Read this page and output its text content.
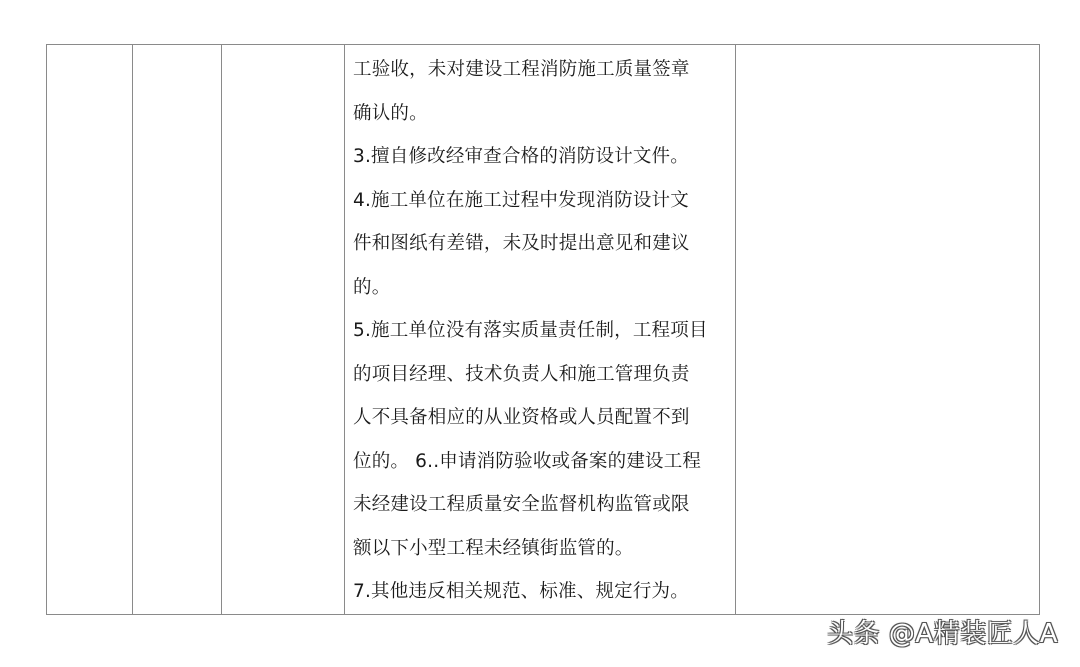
工验收，未对建设工程消防施工质量签章
确认的。
3.擅自修改经审查合格的消防设计文件。
4.施工单位在施工过程中发现消防设计文
件和图纸有差错，未及时提出意见和建议
的。
5.施工单位没有落实质量责任制，工程项目
的项目经理、技术负责人和施工管理负责
人不具备相应的从业资格或人员配置不到
位的。 6..申请消防验收或备案的建设工程
未经建设工程质量安全监督机构监管或限
额以下小型工程未经镇街监管的。
7.其他违反相关规范、标准、规定行为。

头条 @A精装匠人A
